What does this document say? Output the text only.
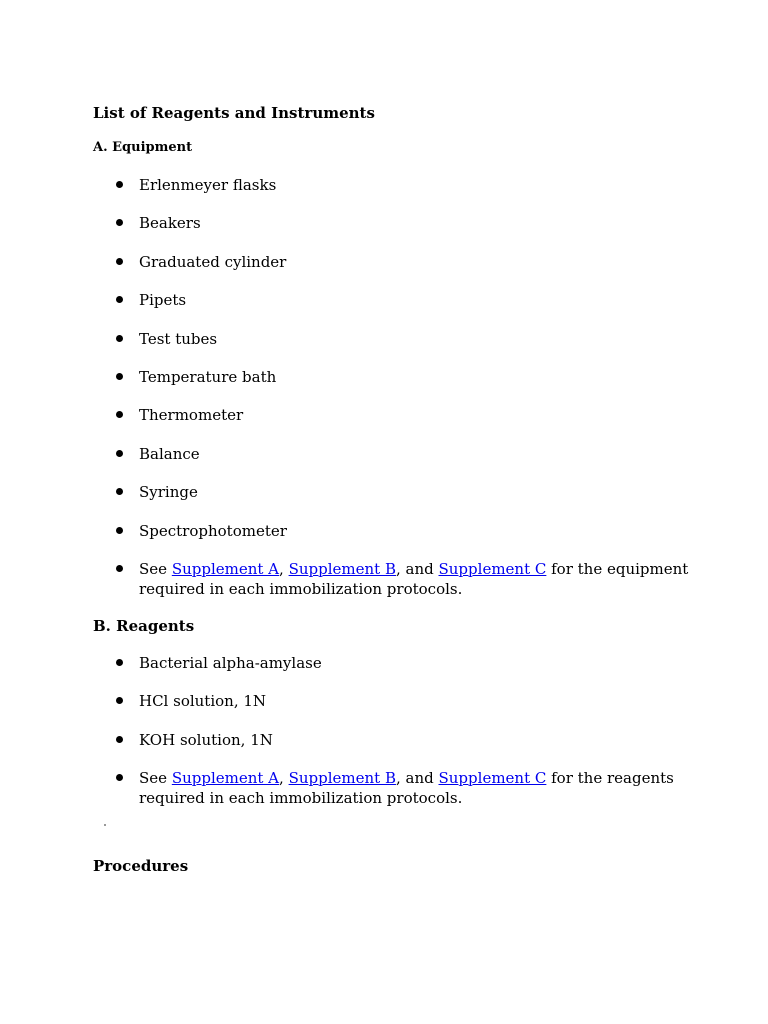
List of Reagents and Instruments
A. Equipment
Erlenmeyer flasks
Beakers
Graduated cylinder
Pipets
Test tubes
Temperature bath
Thermometer
Balance
Syringe
Spectrophotometer
See Supplement A, Supplement B, and Supplement C for the equipment
required in each immobilization protocols.
B. Reagents
Bacterial alpha-amylase
HCl solution, 1N
KOH solution, 1N
See Supplement A, Supplement B, and Supplement C for the reagents
required in each immobilization protocols.
Procedures
